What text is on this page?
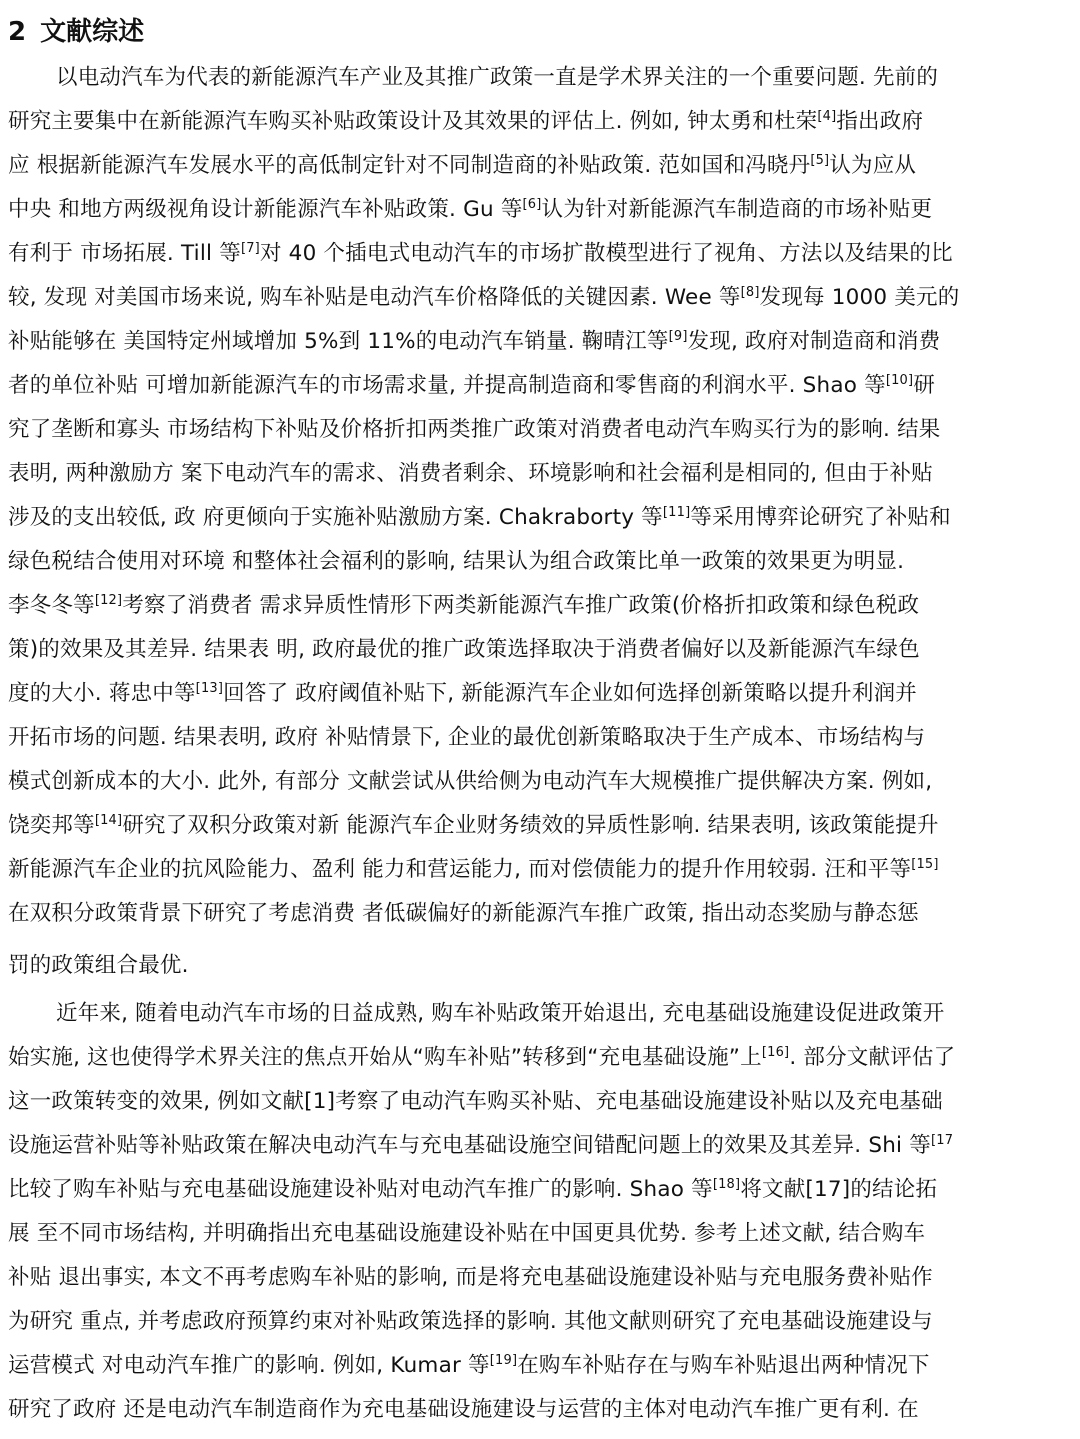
2 文献综述
以电动汽车为代表的新能源汽车产业及其推广政策一直是学术界关注的一个重要问题. 先前的
研究主要集中在新能源汽车购买补贴政策设计及其效果的评估上. 例如, 钟太勇和杜荣[4]指出政府
应 根据新能源汽车发展水平的高低制定针对不同制造商的补贴政策. 范如国和冯晓丹[5]认为应从
中央 和地方两级视角设计新能源汽车补贴政策. Gu 等[6]认为针对新能源汽车制造商的市场补贴更
有利于 市场拓展. Till 等[7]对 40 个插电式电动汽车的市场扩散模型进行了视角、方法以及结果的比
较, 发现 对美国市场来说, 购车补贴是电动汽车价格降低的关键因素. Wee 等[8]发现每 1000 美元的
补贴能够在 美国特定州域增加 5%到 11%的电动汽车销量. 鞠晴江等[9]发现, 政府对制造商和消费
者的单位补贴 可增加新能源汽车的市场需求量, 并提高制造商和零售商的利润水平. Shao 等[10]研
究了垄断和寡头 市场结构下补贴及价格折扣两类推广政策对消费者电动汽车购买行为的影响. 结果
表明, 两种激励方 案下电动汽车的需求、消费者剩余、环境影响和社会福利是相同的, 但由于补贴
涉及的支出较低, 政 府更倾向于实施补贴激励方案. Chakraborty 等[11]等采用博弈论研究了补贴和
绿色税结合使用对环境 和整体社会福利的影响, 结果认为组合政策比单一政策的效果更为明显.
李冬冬等[12]考察了消费者 需求异质性情形下两类新能源汽车推广政策(价格折扣政策和绿色税政
策)的效果及其差异. 结果表 明, 政府最优的推广政策选择取决于消费者偏好以及新能源汽车绿色
度的大小. 蒋忠中等[13]回答了 政府阈值补贴下, 新能源汽车企业如何选择创新策略以提升利润并
开拓市场的问题. 结果表明, 政府 补贴情景下, 企业的最优创新策略取决于生产成本、市场结构与
模式创新成本的大小. 此外, 有部分 文献尝试从供给侧为电动汽车大规模推广提供解决方案. 例如,
饶奕邦等[14]研究了双积分政策对新 能源汽车企业财务绩效的异质性影响. 结果表明, 该政策能提升
新能源汽车企业的抗风险能力、盈利 能力和营运能力, 而对偿债能力的提升作用较弱. 汪和平等[15]
在双积分政策背景下研究了考虑消费 者低碳偏好的新能源汽车推广政策, 指出动态奖励与静态惩
罚的政策组合最优.
近年来, 随着电动汽车市场的日益成熟, 购车补贴政策开始退出, 充电基础设施建设促进政策开
始实施, 这也使得学术界关注的焦点开始从“购车补贴”转移到“充电基础设施”上[16]. 部分文献评估了
这一政策转变的效果, 例如文献[1]考察了电动汽车购买补贴、充电基础设施建设补贴以及充电基础
设施运营补贴等补贴政策在解决电动汽车与充电基础设施空间错配问题上的效果及其差异. Shi 等$^{[17}$
比较了购车补贴与充电基础设施建设补贴对电动汽车推广的影响. Shao 等[18]将文献[17]的结论拓
展 至不同市场结构, 并明确指出充电基础设施建设补贴在中国更具优势. 参考上述文献, 结合购车
补贴 退出事实, 本文不再考虑购车补贴的影响, 而是将充电基础设施建设补贴与充电服务费补贴作
为研究 重点, 并考虑政府预算约束对补贴政策选择的影响. 其他文献则研究了充电基础设施建设与
运营模式 对电动汽车推广的影响. 例如, Kumar 等[19]在购车补贴存在与购车补贴退出两种情况下
研究了政府 还是电动汽车制造商作为充电基础设施建设与运营的主体对电动汽车推广更有利. 在
